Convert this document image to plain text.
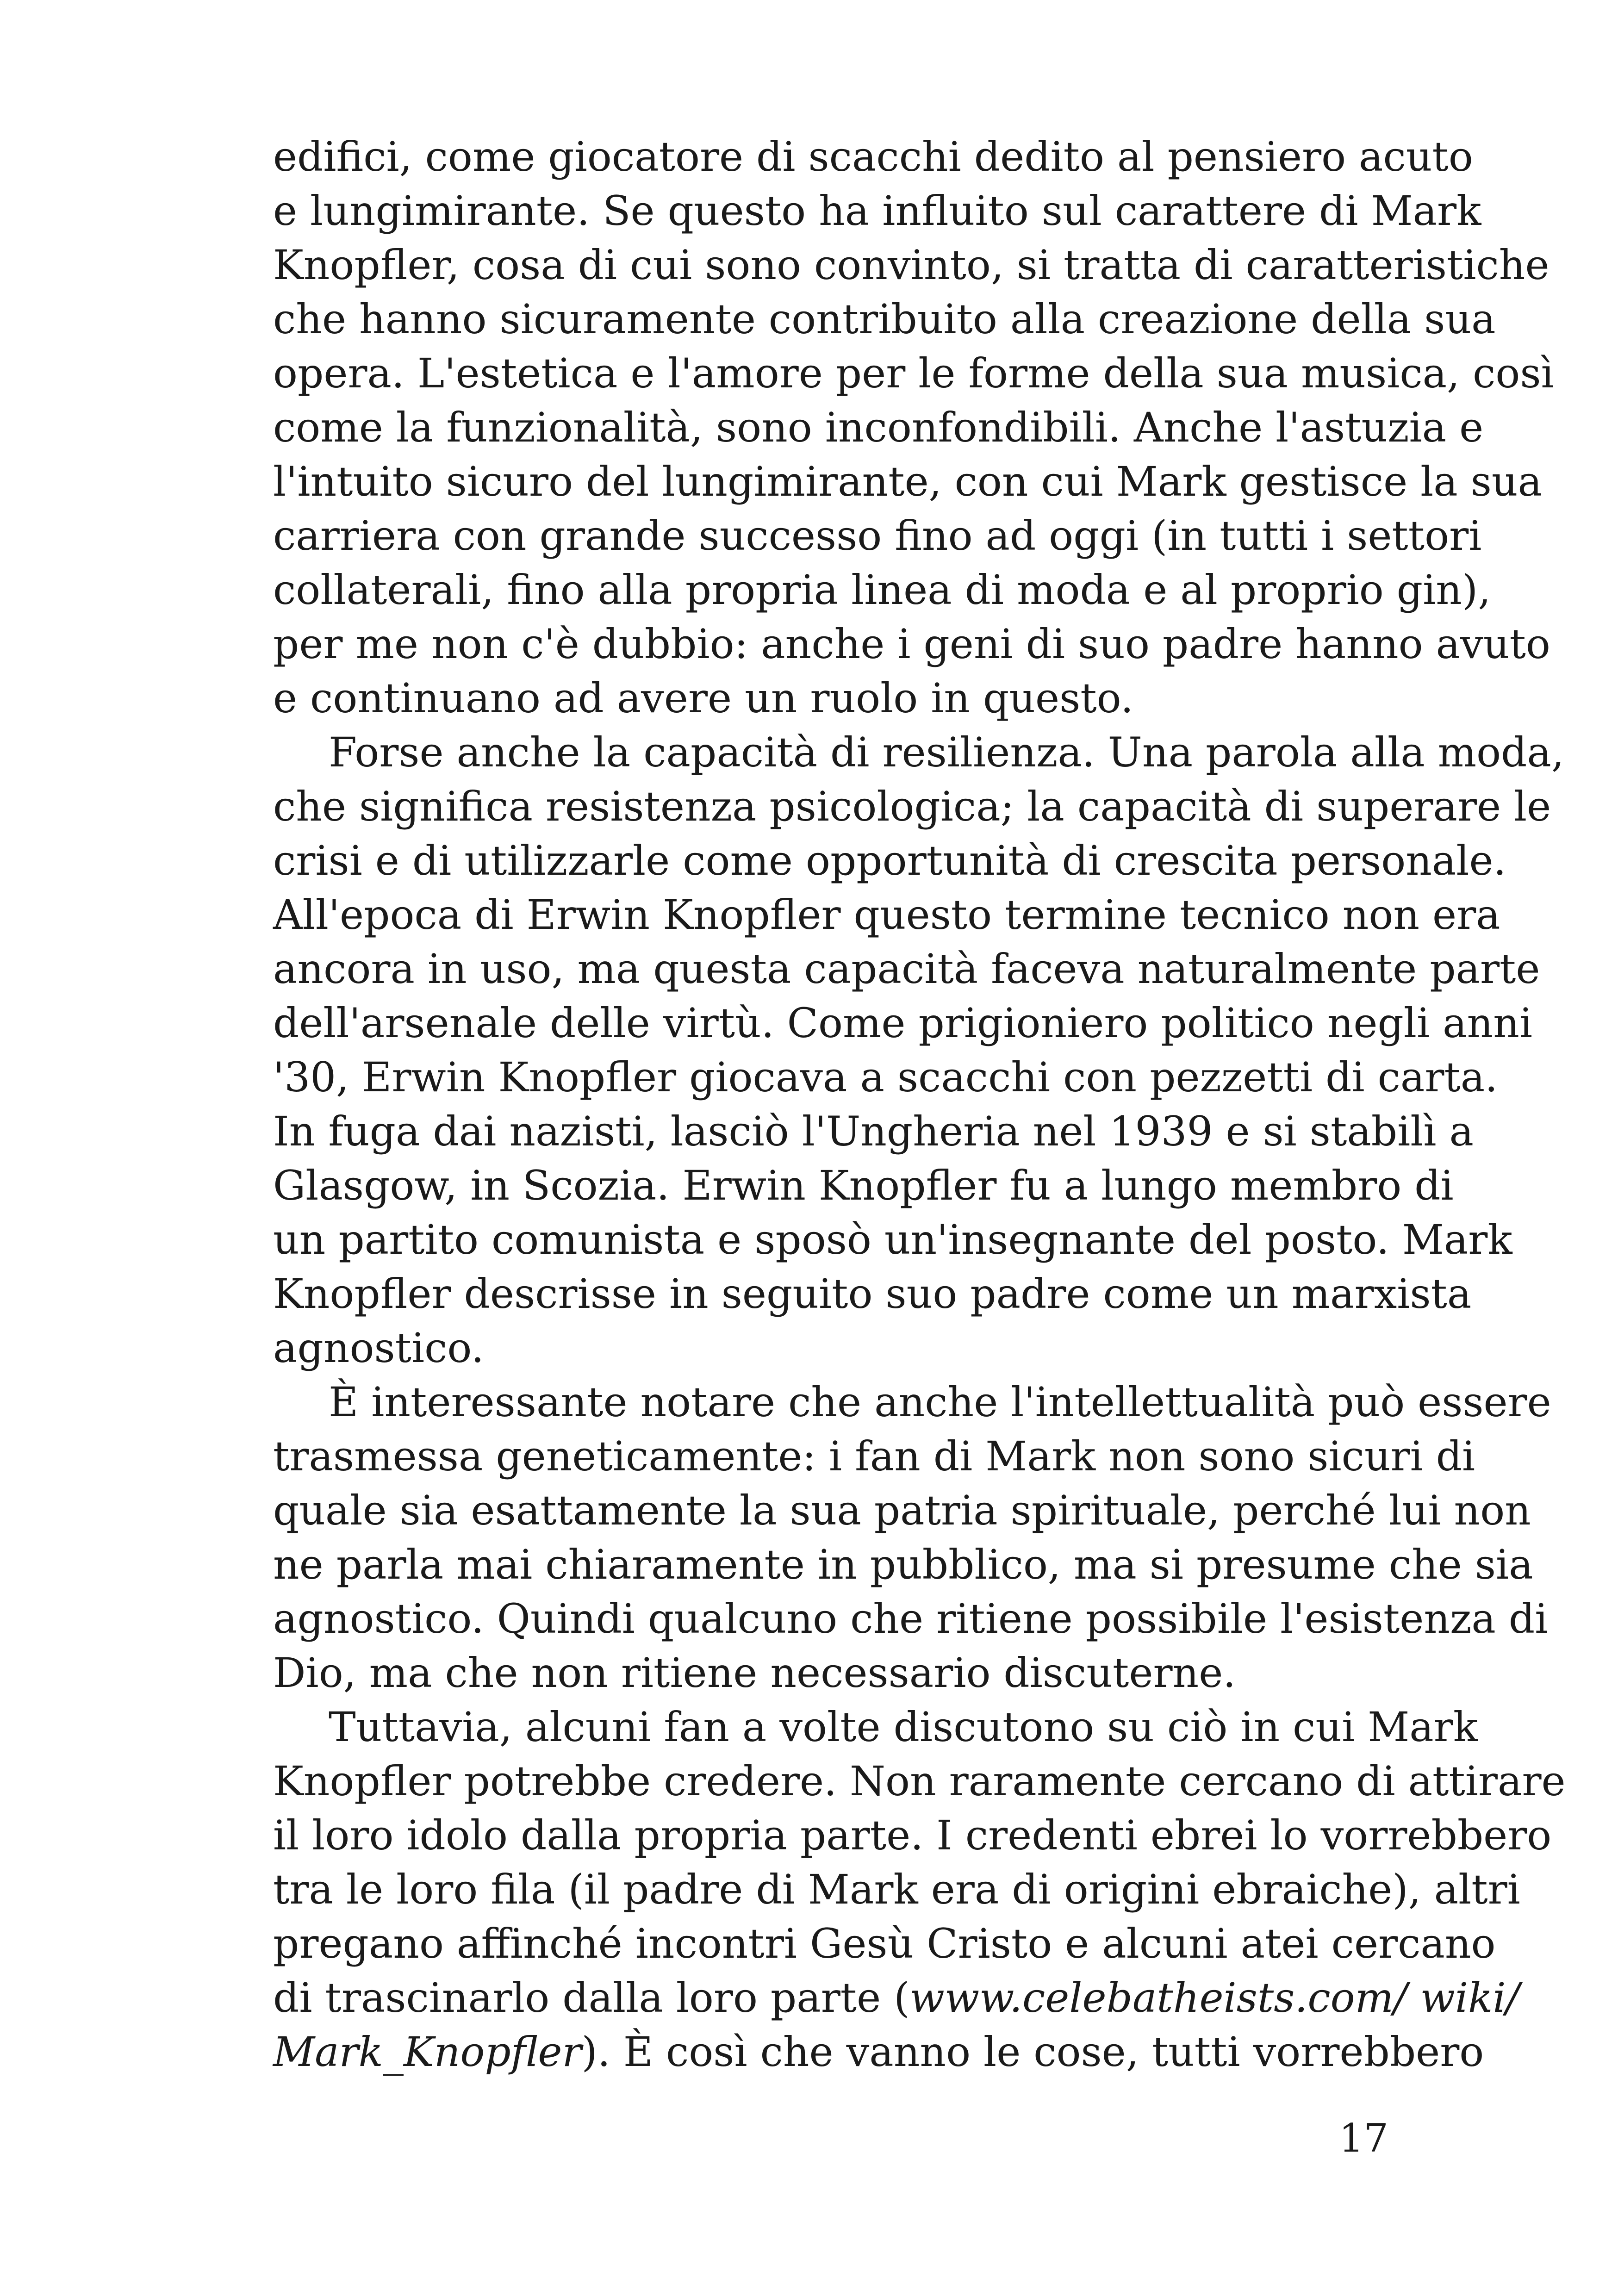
edifici, come giocatore di scacchi dedito al pensiero acuto
e lungimirante. Se questo ha influito sul carattere di Mark
Knopfler, cosa di cui sono convinto, si tratta di caratteristiche
che hanno sicuramente contribuito alla creazione della sua
opera. L'estetica e l'amore per le forme della sua musica, così
come la funzionalità, sono inconfondibili. Anche l'astuzia e
l'intuito sicuro del lungimirante, con cui Mark gestisce la sua
carriera con grande successo fino ad oggi (in tutti i settori
collaterali, fino alla propria linea di moda e al proprio gin),
per me non c'è dubbio: anche i geni di suo padre hanno avuto
e continuano ad avere un ruolo in questo.
Forse anche la capacità di resilienza. Una parola alla moda,
che significa resistenza psicologica; la capacità di superare le
crisi e di utilizzarle come opportunità di crescita personale.
All'epoca di Erwin Knopfler questo termine tecnico non era
ancora in uso, ma questa capacità faceva naturalmente parte
dell'arsenale delle virtù. Come prigioniero politico negli anni
'30, Erwin Knopfler giocava a scacchi con pezzetti di carta.
In fuga dai nazisti, lasciò l'Ungheria nel 1939 e si stabilì a
Glasgow, in Scozia. Erwin Knopfler fu a lungo membro di
un partito comunista e sposò un'insegnante del posto. Mark
Knopfler descrisse in seguito suo padre come un marxista
agnostico.
È interessante notare che anche l'intellettualità può essere
trasmessa geneticamente: i fan di Mark non sono sicuri di
quale sia esattamente la sua patria spirituale, perché lui non
ne parla mai chiaramente in pubblico, ma si presume che sia
agnostico. Quindi qualcuno che ritiene possibile l'esistenza di
Dio, ma che non ritiene necessario discuterne.
Tuttavia, alcuni fan a volte discutono su ciò in cui Mark
Knopfler potrebbe credere. Non raramente cercano di attirare
il loro idolo dalla propria parte. I credenti ebrei lo vorrebbero
tra le loro fila (il padre di Mark era di origini ebraiche), altri
pregano affinché incontri Gesù Cristo e alcuni atei cercano
di trascinarlo dalla loro parte (www.celebatheists.com/ wiki/
Mark_Knopfler). È così che vanno le cose, tutti vorrebbero
17
